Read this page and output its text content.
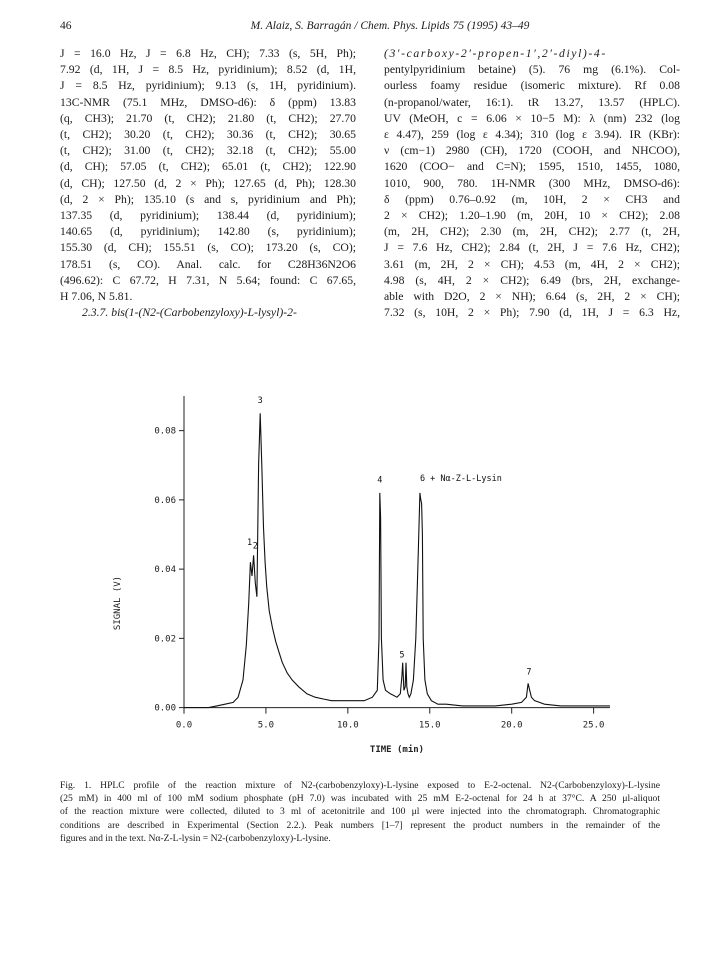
46	M. Alaiz, S. Barragán / Chem. Phys. Lipids 75 (1995) 43–49
J = 16.0 Hz, J = 6.8 Hz, CH); 7.33 (s, 5H, Ph);
7.92 (d, 1H, J = 8.5 Hz, pyridinium); 8.52 (d, 1H,
J = 8.5 Hz, pyridinium); 9.13 (s, 1H, pyridinium).
13C-NMR (75.1 MHz, DMSO-d6): δ (ppm) 13.83
(q, CH3); 21.70 (t, CH2); 21.80 (t, CH2); 27.70
(t, CH2); 30.20 (t, CH2); 30.36 (t, CH2); 30.65
(t, CH2); 31.00 (t, CH2); 32.18 (t, CH2); 55.00
(d, CH); 57.05 (t, CH2); 65.01 (t, CH2); 122.90
(d, CH); 127.50 (d, 2 × Ph); 127.65 (d, Ph); 128.30
(d, 2 × Ph); 135.10 (s and s, pyridinium and Ph);
137.35 (d, pyridinium); 138.44 (d, pyridinium);
140.65 (d, pyridinium); 142.80 (s, pyridinium);
155.30 (d, CH); 155.51 (s, CO); 173.20 (s, CO);
178.51 (s, CO). Anal. calc. for C28H36N2O6
(496.62): C 67.72, H 7.31, N 5.64; found: C 67.65,
H 7.06, N 5.81.
2.3.7. bis(1-(N2-(Carbobenzyloxy)-L-lysyl)-2-
(3′-carboxy-2′-propen-1′,2′-diyl)-4-
pentylpyridinium betaine) (5). 76 mg (6.1%). Col-
ourless foamy residue (isomeric mixture). Rf 0.08
(n-propanol/water, 16:1). tR 13.27, 13.57 (HPLC).
UV (MeOH, c = 6.06 × 10−5 M): λ (nm) 232 (log
ε 4.47), 259 (log ε 4.34); 310 (log ε 3.94). IR (KBr):
ν (cm−1) 2980 (CH), 1720 (COOH, and NHCOO),
1620 (COO− and C=N); 1595, 1510, 1455, 1080,
1010, 900, 780. 1H-NMR (300 MHz, DMSO-d6):
δ (ppm) 0.76–0.92 (m, 10H, 2 × CH3 and
2 × CH2); 1.20–1.90 (m, 20H, 10 × CH2); 2.08
(m, 2H, CH2); 2.30 (m, 2H, CH2); 2.77 (t, 2H,
J = 7.6 Hz, CH2); 2.84 (t, 2H, J = 7.6 Hz, CH2);
3.61 (m, 2H, 2 × CH); 4.53 (m, 4H, 2 × CH2);
4.98 (s, 4H, 2 × CH2); 6.49 (brs, 2H, exchange-
able with D2O, 2 × NH); 6.64 (s, 2H, 2 × CH);
7.32 (s, 10H, 2 × Ph); 7.90 (d, 1H, J = 6.3 Hz,
0.00
0.02
0.04
0.06
0.08
0.0	5.0	10.0	15.0	20.0	25.0
1 2
3
4
5
6 + Nα-Z-L-Lysin
7
TIME (min)
SIGNAL (V)
Fig. 1. HPLC profile of the reaction mixture of N2-(carbobenzyloxy)-L-lysine exposed to E-2-octenal. N2-(Carbobenzyloxy)-L-lysine
(25 mM) in 400 ml of 100 mM sodium phosphate (pH 7.0) was incubated with 25 mM E-2-octenal for 24 h at 37°C. A 250 μl-aliquot
of the reaction mixture were collected, diluted to 3 ml of acetonitrile and 100 μl were injected into the chromatograph. Chromatographic
conditions are described in Experimental (Section 2.2.). Peak numbers [1–7] represent the product numbers in the remainder of the
figures and in the text. Nα-Z-L-lysin = N2-(carbobenzyloxy)-L-lysine.
